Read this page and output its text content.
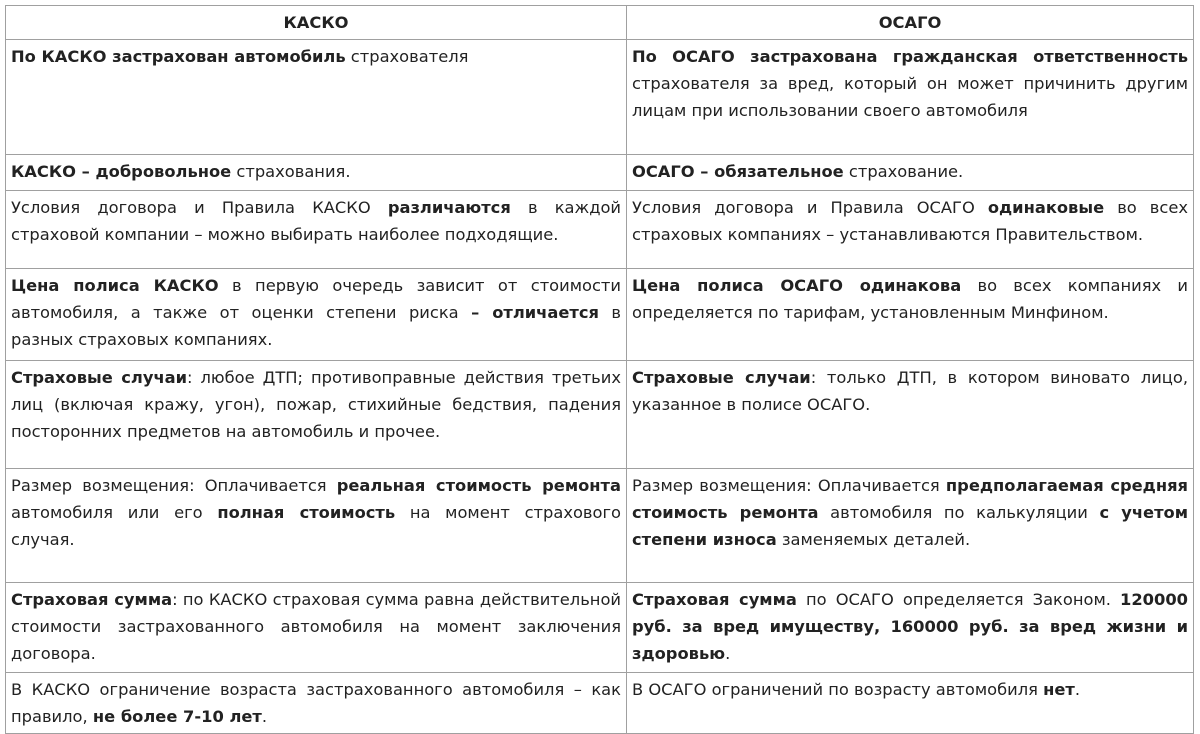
КАСКО	ОСАГО
По КАСКО застрахован автомобиль страхователя	По ОСАГО застрахована гражданская ответственность страхователя за вред, который он может причинить другим лицам при использовании своего автомобиля
КАСКО – добровольное страхования.	ОСАГО – обязательное страхование.
Условия договора и Правила КАСКО различаются в каждой страховой компании – можно выбирать наиболее подходящие.	Условия договора и Правила ОСАГО одинаковые во всех страховых компаниях – устанавливаются Правительством.
Цена полиса КАСКО в первую очередь зависит от стоимости автомобиля, а также от оценки степени риска – отличается в разных страховых компаниях.	Цена полиса ОСАГО одинакова во всех компаниях и определяется по тарифам, установленным Минфином.
Страховые случаи: любое ДТП; противоправные действия третьих лиц (включая кражу, угон), пожар, стихийные бедствия, падения посторонних предметов на автомобиль и прочее.	Страховые случаи: только ДТП, в котором виновато лицо, указанное в полисе ОСАГО.
Размер возмещения: Оплачивается реальная стоимость ремонта автомобиля или его полная стоимость на момент страхового случая.	Размер возмещения: Оплачивается предполагаемая средняя стоимость ремонта автомобиля по калькуляции с учетом степени износа заменяемых деталей.
Страховая сумма: по КАСКО страховая сумма равна действительной стоимости застрахованного автомобиля на момент заключения договора.	Страховая сумма по ОСАГО определяется Законом. 120000 руб. за вред имуществу, 160000 руб. за вред жизни и здоровью.
В КАСКО ограничение возраста застрахованного автомобиля – как правило, не более 7-10 лет.	В ОСАГО ограничений по возрасту автомобиля нет.
